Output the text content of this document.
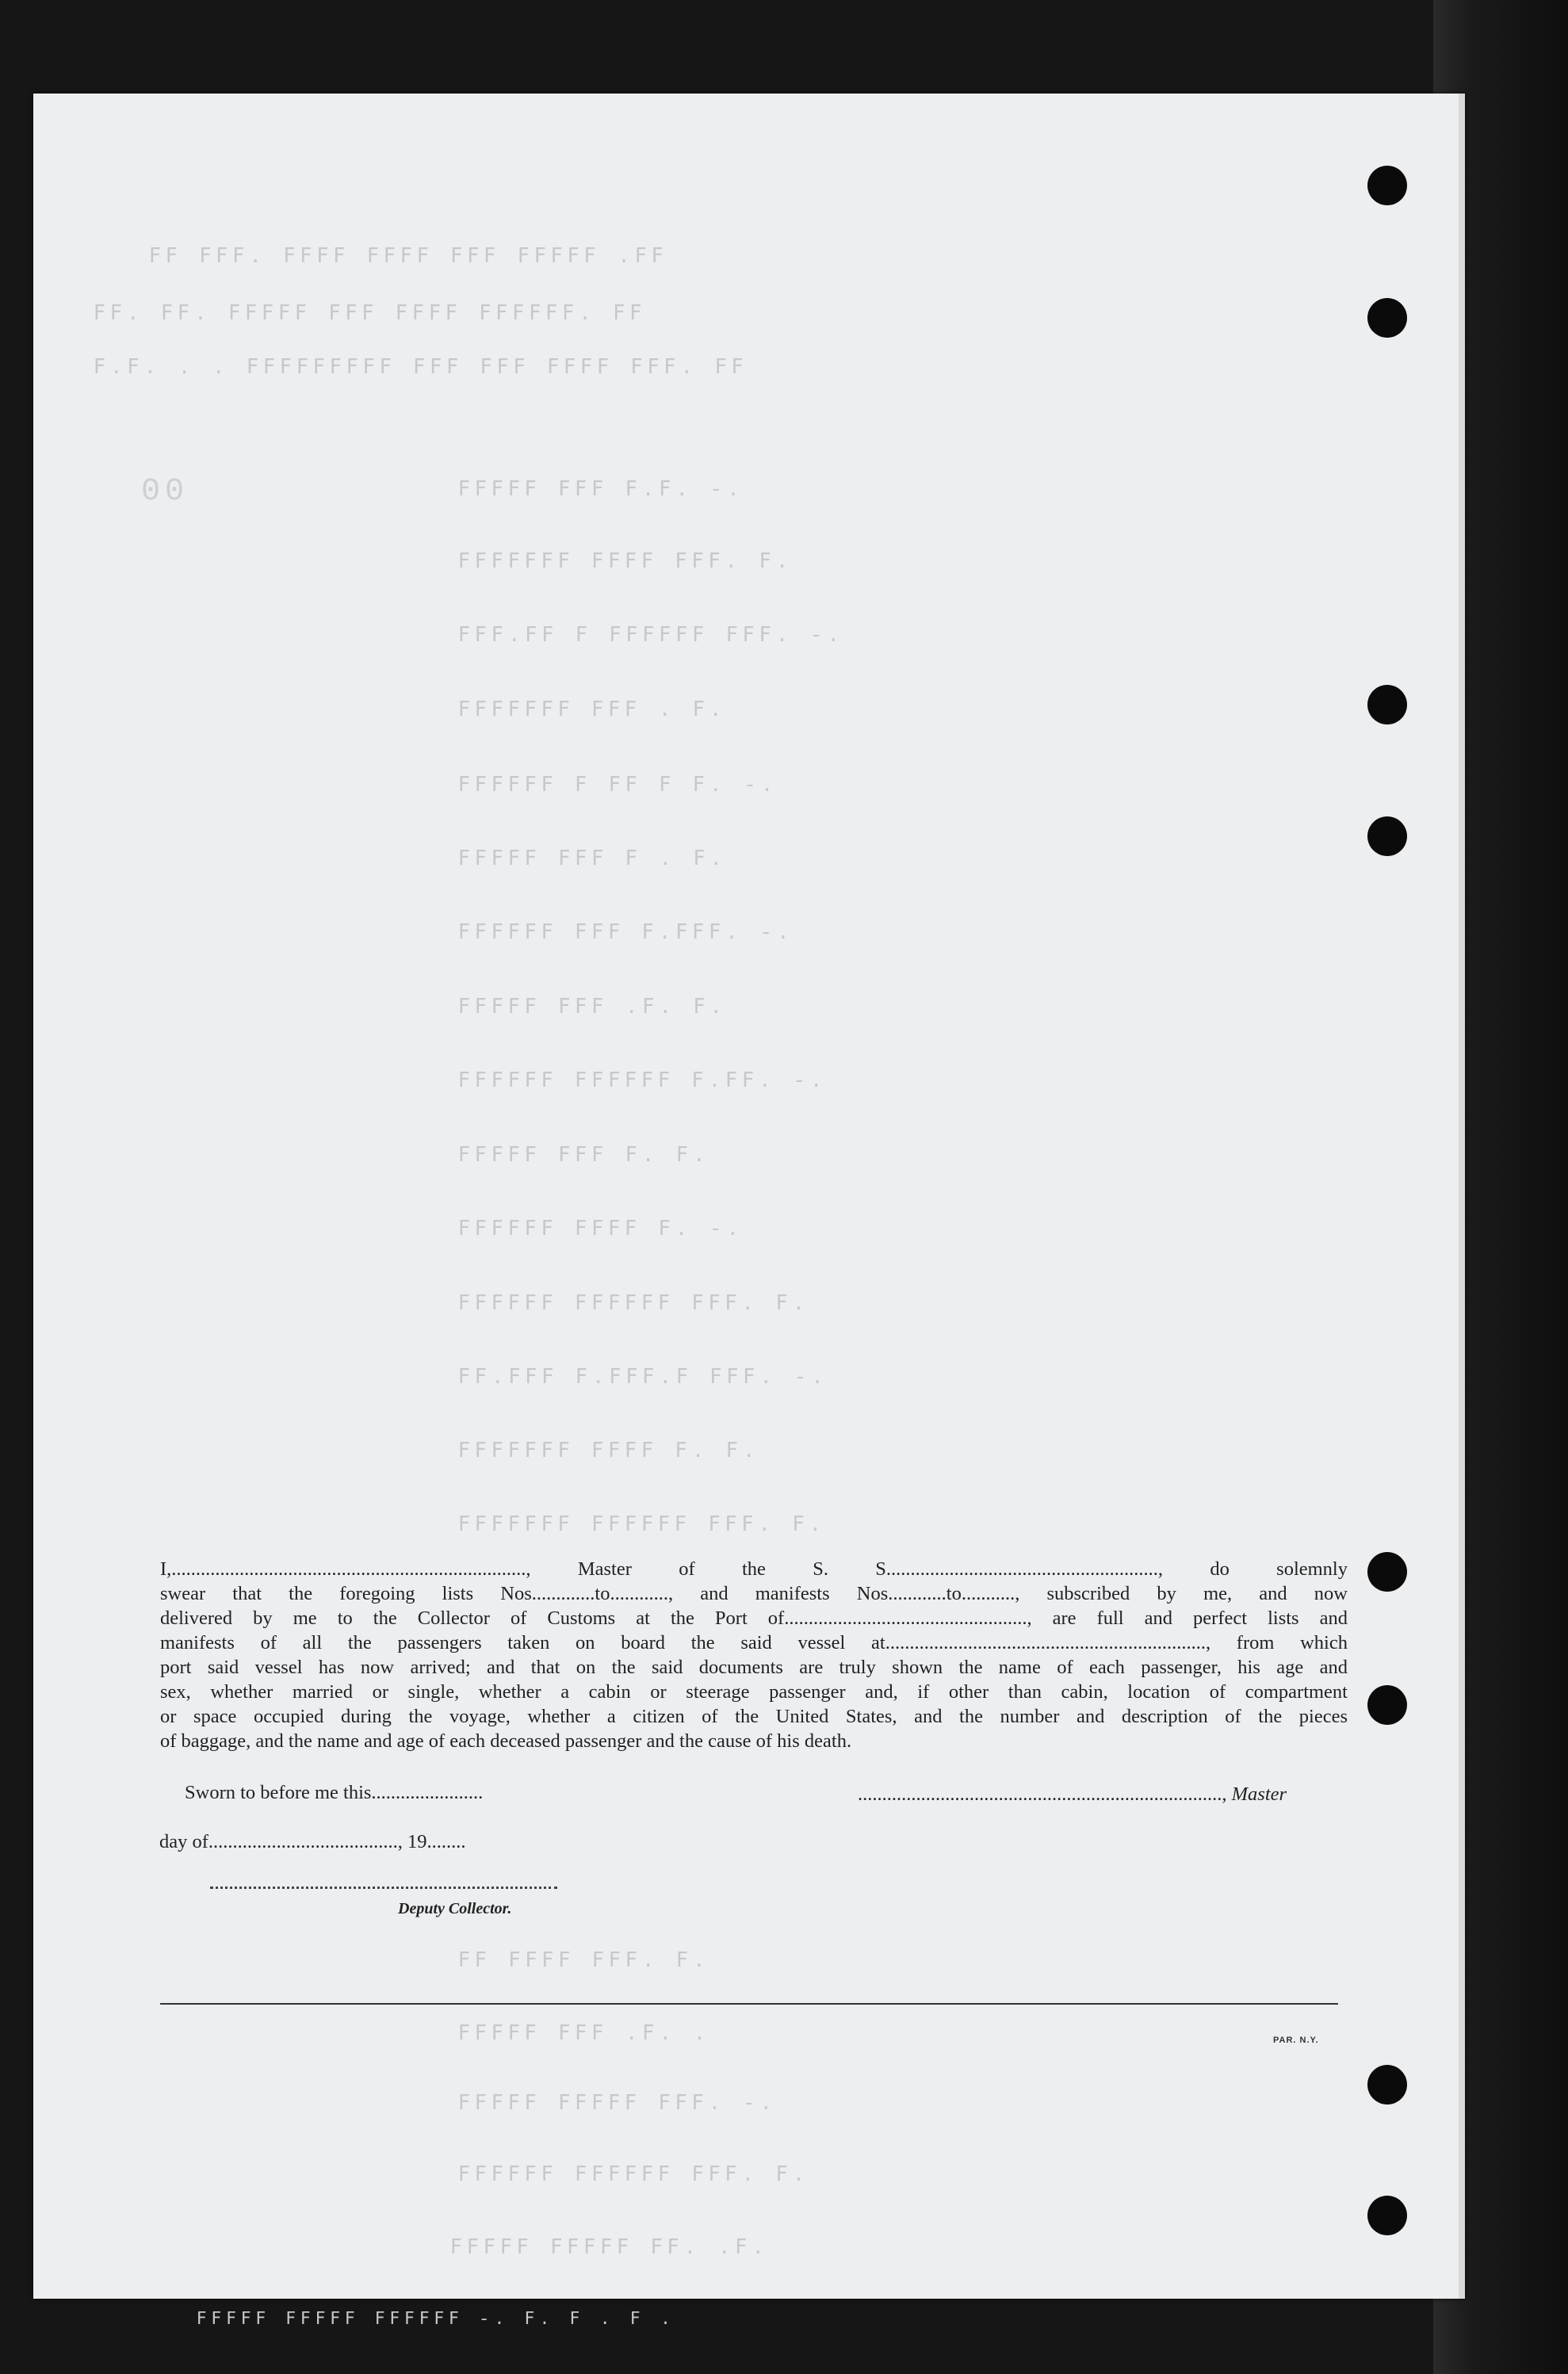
ꟻꟻ. ꟻꟻꟻꟻꟻ ꟻꟻꟻ ꟻꟻꟻꟻ ꟻꟻꟻꟻ .ꟻꟻꟻ ꟻꟻ
ꟻꟻ .ꟻꟻꟻꟻꟻꟻ ꟻꟻꟻꟻ ꟻꟻꟻ ꟻꟻꟻꟻꟻ .ꟻꟻ .ꟻꟻ
ꟻꟻ .ꟻꟻꟻ ꟻꟻꟻꟻ ꟻꟻꟻ ꟻꟻꟻ ꟻꟻꟻꟻꟻꟻꟻꟻꟻ . . .ꟻ.ꟻ
00	.- .ꟻ.ꟻ ꟻꟻꟻ ꟻꟻꟻꟻꟻ
.ꟻ .ꟻꟻꟻ ꟻꟻꟻꟻ ꟻꟻꟻꟻꟻꟻꟻ
.- .ꟻꟻꟻ ꟻꟻꟻꟻꟻꟻ ꟻ ꟻꟻ.ꟻꟻꟻ
.ꟻ . ꟻꟻꟻ ꟻꟻꟻꟻꟻꟻꟻ
.- .ꟻ ꟻ ꟻꟻ ꟻ ꟻꟻꟻꟻꟻꟻ
.ꟻ . ꟻ ꟻꟻꟻ ꟻꟻꟻꟻꟻ
.- .ꟻꟻꟻ.ꟻ ꟻꟻꟻ ꟻꟻꟻꟻꟻꟻ
.ꟻ .ꟻ. ꟻꟻꟻ ꟻꟻꟻꟻꟻ
.- .ꟻꟻ.ꟻ ꟻꟻꟻꟻꟻꟻ ꟻꟻꟻꟻꟻꟻ
.ꟻ .ꟻ ꟻꟻꟻ ꟻꟻꟻꟻꟻ
.- .ꟻ ꟻꟻꟻꟻ ꟻꟻꟻꟻꟻꟻ
.ꟻ .ꟻꟻꟻ ꟻꟻꟻꟻꟻꟻ ꟻꟻꟻꟻꟻꟻ
.- .ꟻꟻꟻ ꟻ.ꟻꟻꟻ.ꟻ ꟻꟻꟻ.ꟻꟻ
.ꟻ .ꟻ ꟻꟻꟻꟻ ꟻꟻꟻꟻꟻꟻꟻ
.ꟻ .ꟻꟻꟻ ꟻꟻꟻꟻꟻꟻ ꟻꟻꟻꟻꟻꟻꟻ
.ꟻ .ꟻꟻꟻ ꟻꟻꟻꟻ ꟻꟻ
. .ꟻ. ꟻꟻꟻ ꟻꟻꟻꟻꟻ
.- .ꟻꟻꟻ ꟻꟻꟻꟻꟻ ꟻꟻꟻꟻꟻ
.ꟻ .ꟻꟻꟻ ꟻꟻꟻꟻꟻꟻ ꟻꟻꟻꟻꟻꟻ
.ꟻ. .ꟻꟻ ꟻꟻꟻꟻꟻ ꟻꟻꟻꟻꟻ
. ꟻ . ꟻ .ꟻ .- ꟻꟻꟻꟻꟻꟻ ꟻꟻꟻꟻꟻ ꟻꟻꟻꟻꟻ
I,........................................................................., Master of the S. S........................................................, do solemnly
swear that the foregoing lists Nos.............to............, and manifests Nos............to..........., subscribed by me, and now
delivered by me to the Collector of Customs at the Port of.................................................., are full and perfect lists and
manifests of all the passengers taken on board the said vessel at.................................................................., from which
port said vessel has now arrived; and that on the said documents are truly shown the name of each passenger, his age and
sex, whether married or single, whether a cabin or steerage passenger and, if other than cabin, location of compartment
or space occupied during the voyage, whether a citizen of the United States, and the number and description of the pieces
of baggage, and the name and age of each deceased passenger and the cause of his death.
Sworn to before me this.......................	..........................................................................., Master
day of......................................., 19........
Deputy Collector.
PAR. N.Y.
